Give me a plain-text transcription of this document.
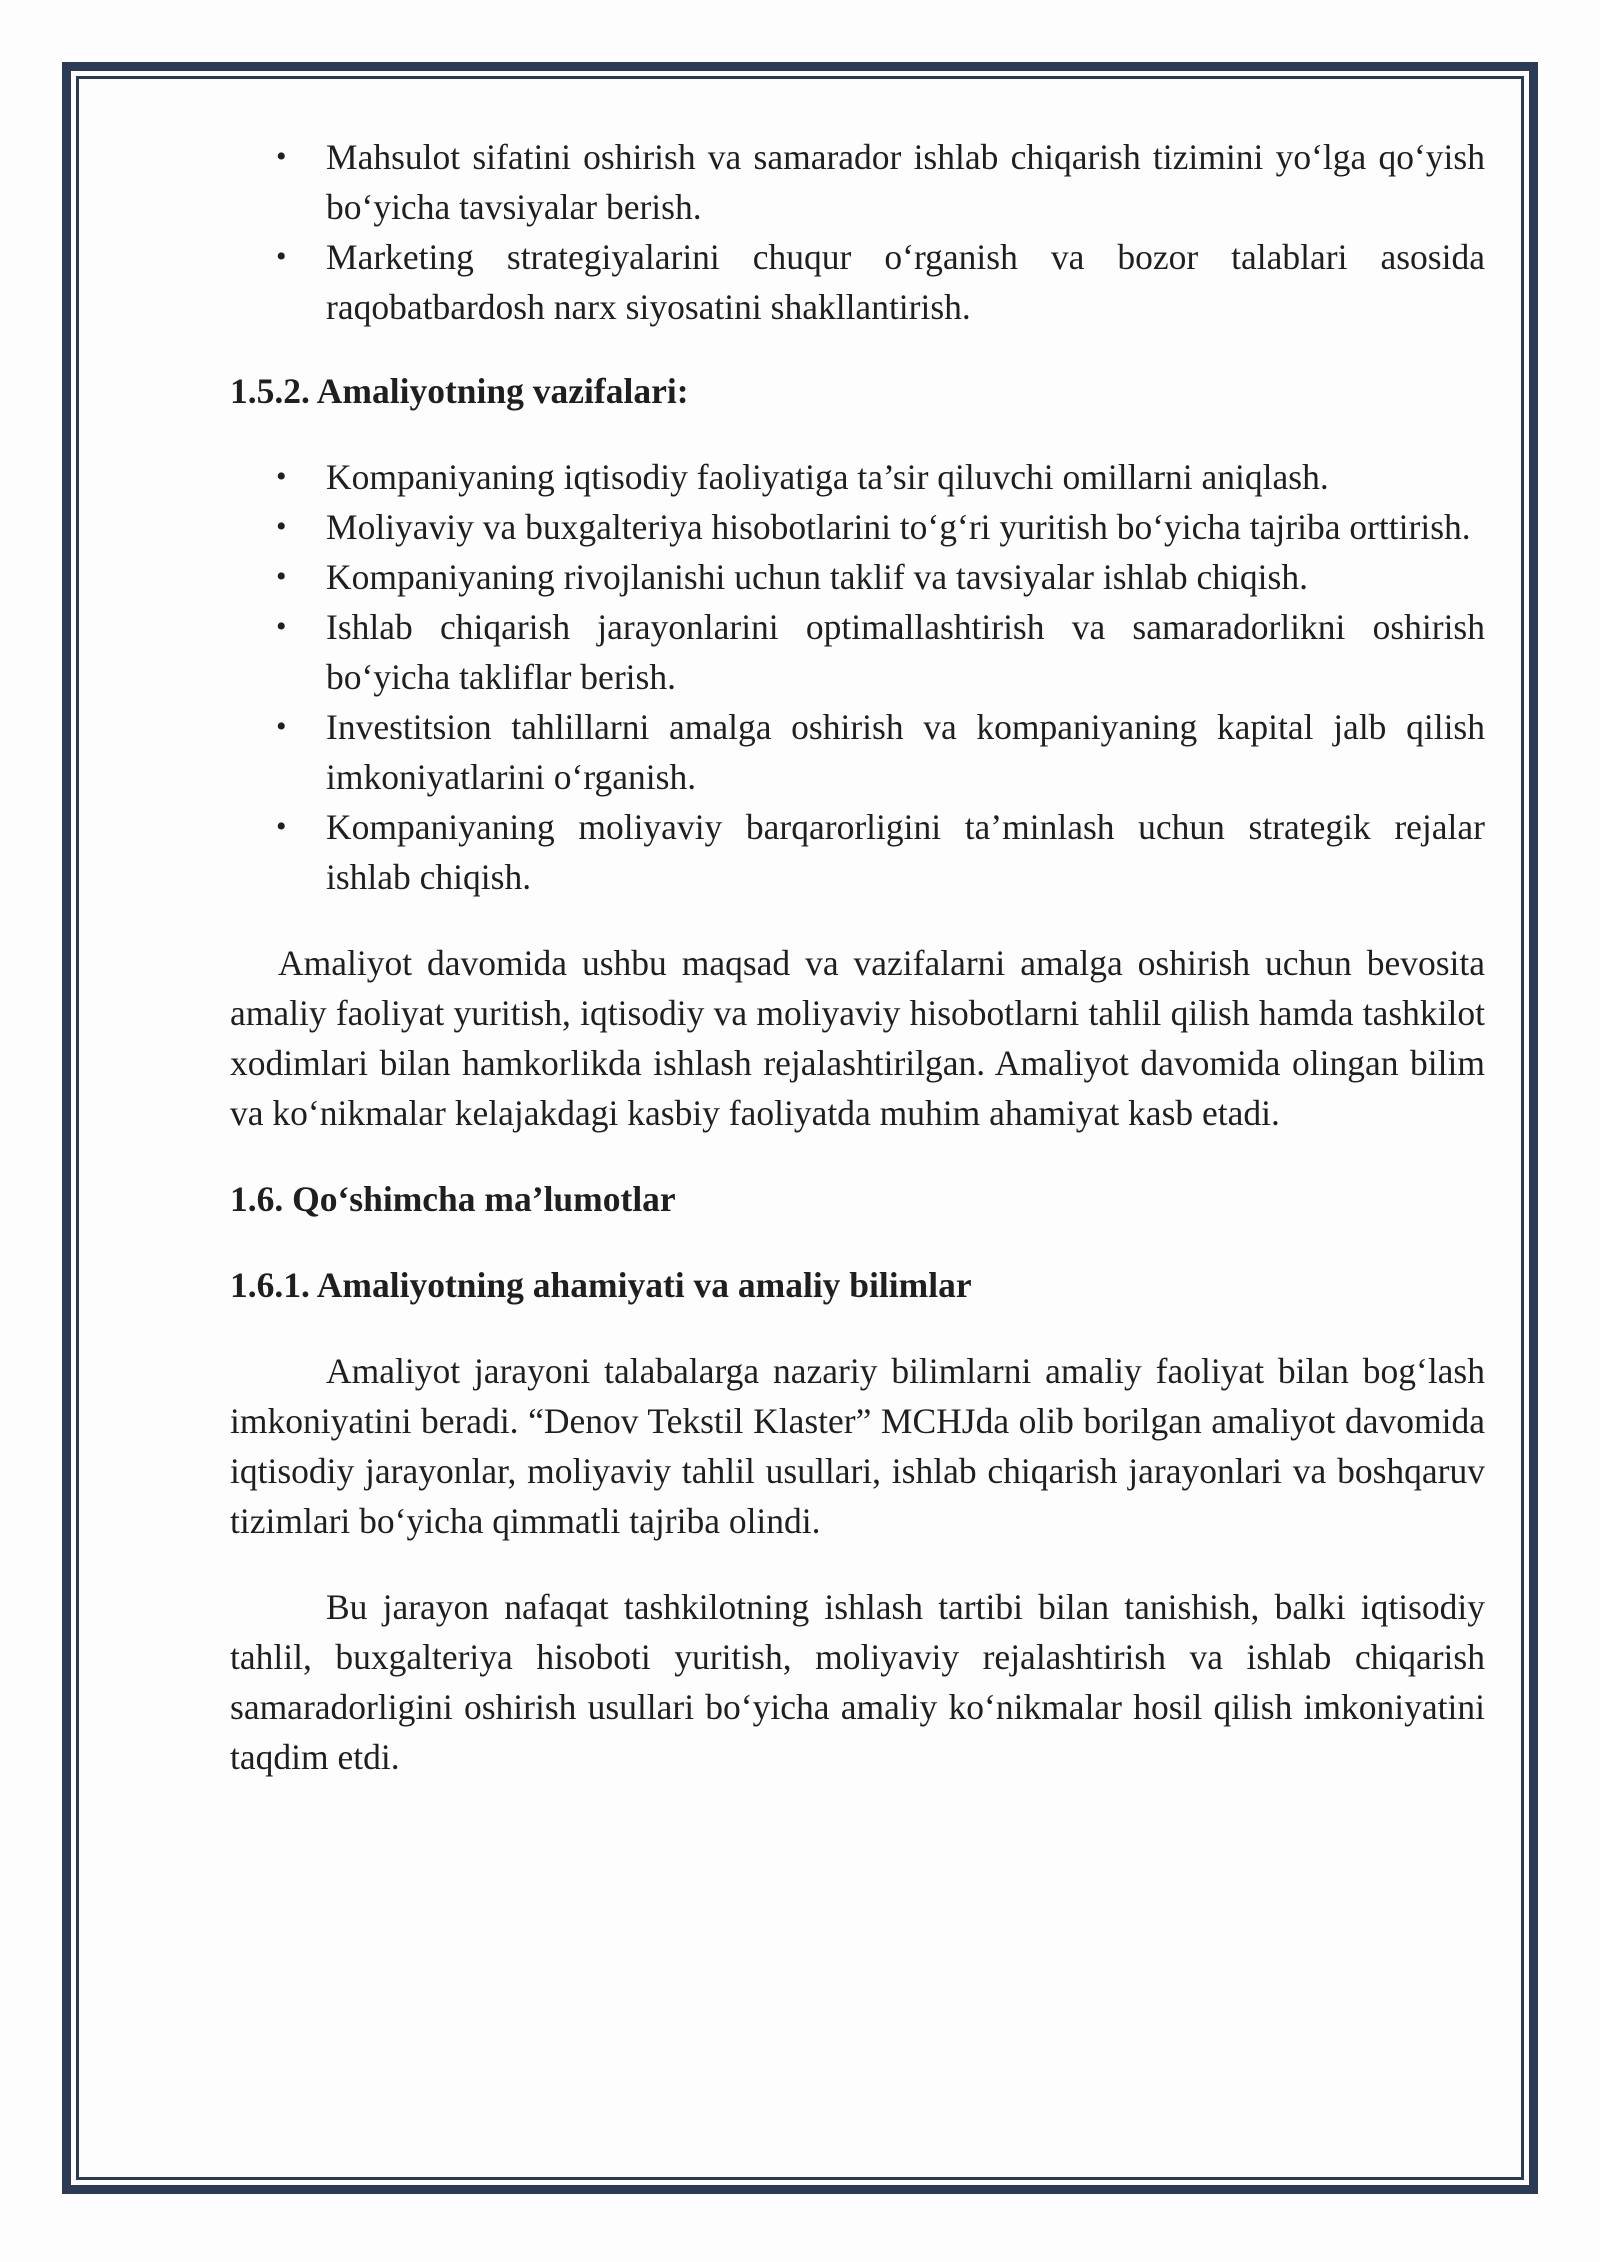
• Mahsulot sifatini oshirish va samarador ishlab chiqarish tizimini yo‘lga qo‘yish bo‘yicha tavsiyalar berish.
• Marketing strategiyalarini chuqur o‘rganish va bozor talablari asosida raqobatbardosh narx siyosatini shakllantirish.
1.5.2. Amaliyotning vazifalari:
• Kompaniyaning iqtisodiy faoliyatiga ta’sir qiluvchi omillarni aniqlash.
• Moliyaviy va buxgalteriya hisobotlarini to‘g‘ri yuritish bo‘yicha tajriba orttirish.
• Kompaniyaning rivojlanishi uchun taklif va tavsiyalar ishlab chiqish.
• Ishlab chiqarish jarayonlarini optimallashtirish va samaradorlikni oshirish bo‘yicha takliflar berish.
• Investitsion tahlillarni amalga oshirish va kompaniyaning kapital jalb qilish imkoniyatlarini o‘rganish.
• Kompaniyaning moliyaviy barqarorligini ta’minlash uchun strategik rejalar ishlab chiqish.

Amaliyot davomida ushbu maqsad va vazifalarni amalga oshirish uchun bevosita amaliy faoliyat yuritish, iqtisodiy va moliyaviy hisobotlarni tahlil qilish hamda tashkilot xodimlari bilan hamkorlikda ishlash rejalashtirilgan. Amaliyot davomida olingan bilim va ko‘nikmalar kelajakdagi kasbiy faoliyatda muhim ahamiyat kasb etadi.

1.6. Qo‘shimcha ma’lumotlar
1.6.1. Amaliyotning ahamiyati va amaliy bilimlar

Amaliyot jarayoni talabalarga nazariy bilimlarni amaliy faoliyat bilan bog‘lash imkoniyatini beradi. “Denov Tekstil Klaster” MCHJda olib borilgan amaliyot davomida iqtisodiy jarayonlar, moliyaviy tahlil usullari, ishlab chiqarish jarayonlari va boshqaruv tizimlari bo‘yicha qimmatli tajriba olindi.

Bu jarayon nafaqat tashkilotning ishlash tartibi bilan tanishish, balki iqtisodiy tahlil, buxgalteriya hisoboti yuritish, moliyaviy rejalashtirish va ishlab chiqarish samaradorligini oshirish usullari bo‘yicha amaliy ko‘nikmalar hosil qilish imkoniyatini taqdim etdi.
